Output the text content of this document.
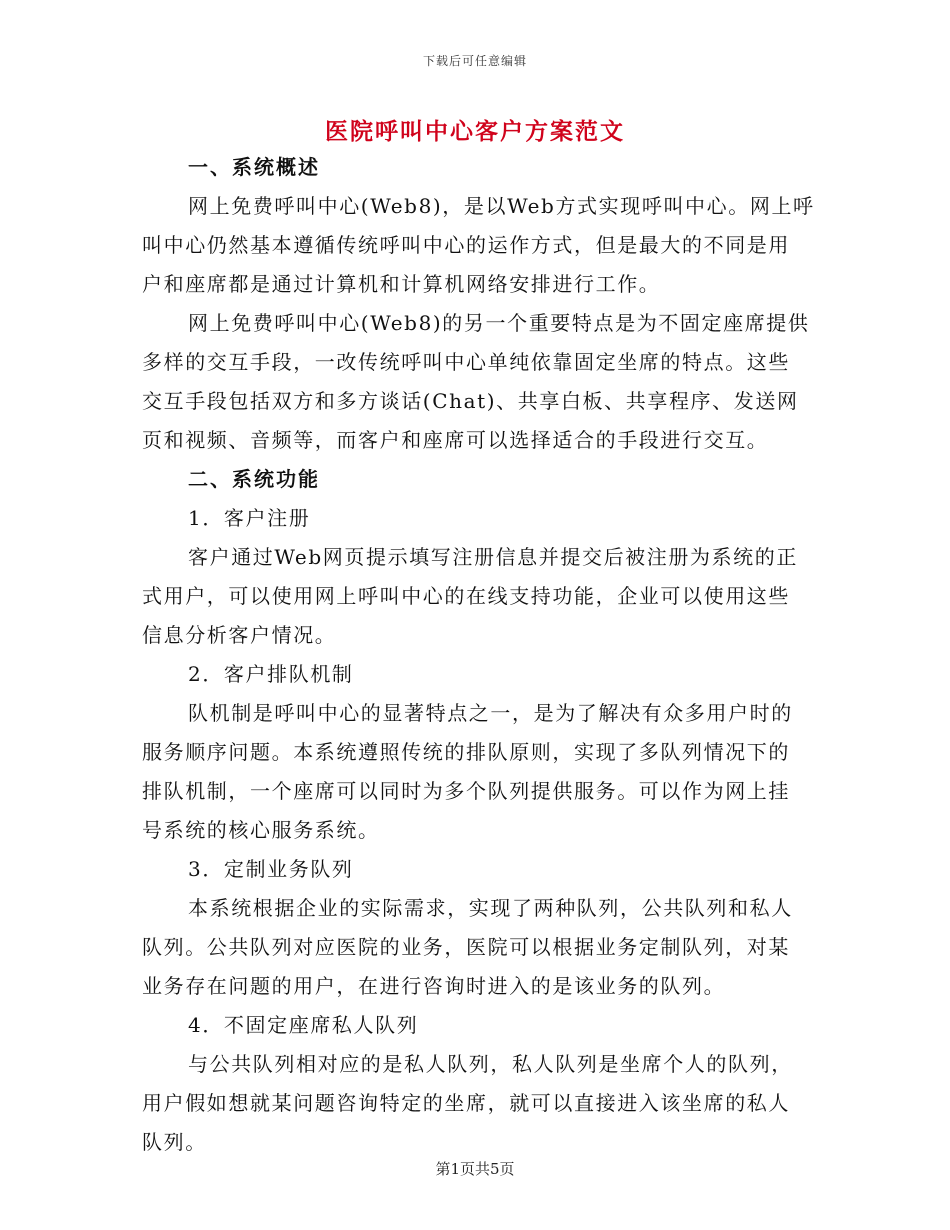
下载后可任意编辑
医院呼叫中心客户方案范文
一、系统概述
网上免费呼叫中心(Web8)，是以Web方式实现呼叫中心。网上呼
叫中心仍然基本遵循传统呼叫中心的运作方式，但是最大的不同是用
户和座席都是通过计算机和计算机网络安排进行工作。
网上免费呼叫中心(Web8)的另一个重要特点是为不固定座席提供
多样的交互手段，一改传统呼叫中心单纯依靠固定坐席的特点。这些
交互手段包括双方和多方谈话(Chat)、共享白板、共享程序、发送网
页和视频、音频等，而客户和座席可以选择适合的手段进行交互。
二、系统功能
1．客户注册
客户通过Web网页提示填写注册信息并提交后被注册为系统的正
式用户，可以使用网上呼叫中心的在线支持功能，企业可以使用这些
信息分析客户情况。
2．客户排队机制
队机制是呼叫中心的显著特点之一，是为了解决有众多用户时的
服务顺序问题。本系统遵照传统的排队原则，实现了多队列情况下的
排队机制，一个座席可以同时为多个队列提供服务。可以作为网上挂
号系统的核心服务系统。
3．定制业务队列
本系统根据企业的实际需求，实现了两种队列，公共队列和私人
队列。公共队列对应医院的业务，医院可以根据业务定制队列，对某
业务存在问题的用户，在进行咨询时进入的是该业务的队列。
4．不固定座席私人队列
与公共队列相对应的是私人队列，私人队列是坐席个人的队列，
用户假如想就某问题咨询特定的坐席，就可以直接进入该坐席的私人
队列。
第1页共5页
